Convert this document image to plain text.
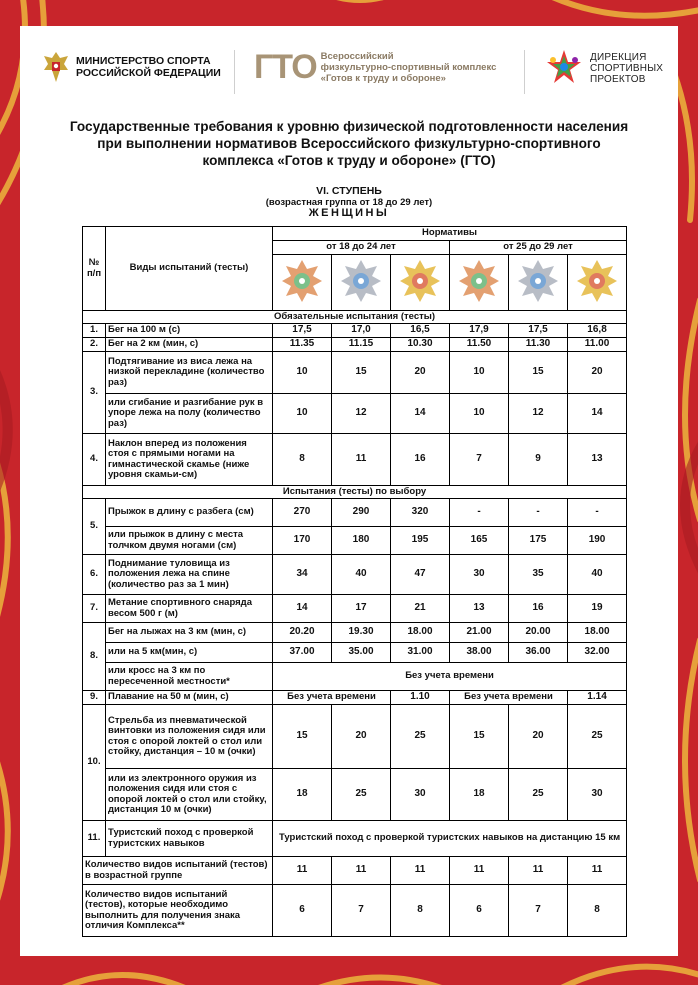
МИНИСТЕРСТВО СПОРТА
РОССИЙСКОЙ ФЕДЕРАЦИИ ГТО Всероссийский
физкультурно-спортивный комплекс
«Готов к труду и обороне»
ДИРЕКЦИЯ
СПОРТИВНЫХ
ПРОЕКТОВ
Государственные требования к уровню физической подготовленности населения
при выполнении нормативов Всероссийского физкультурно-спортивного
комплекса «Готов к труду и обороне» (ГТО)
VI. СТУПЕНЬ
(возрастная группа от 18 до 29 лет)
ЖЕНЩИНЫ
№ п/п	Виды испытаний (тесты)	Нормативы					
		от 18 до 24 лет			от 25 до 29 лет		

Обязательные испытания (тесты)							
1.	Бег на 100 м (с)	17,5	17,0	16,5	17,9	17,5	16,8
2.	Бег на 2 км (мин, с)	11.35	11.15	10.30	11.50	11.30	11.00
3.	Подтягивание из виса лежа на низкой перекладине (количество раз)	10	15	20	10	15	20
	или сгибание и разгибание рук в упоре лежа на полу (количество раз)	10	12	14	10	12	14
4.	Наклон вперед из положения стоя с прямыми ногами на гимнастической скамье (ниже уровня скамьи-см)	8	11	16	7	9	13
Испытания (тесты) по выбору							
5.	Прыжок в длину с разбега (см)	270	290	320	-	-	-
	или прыжок в длину с места толчком двумя ногами (см)	170	180	195	165	175	190
6.	Поднимание туловища из положения лежа на спине (количество раз за 1 мин)	34	40	47	30	35	40
7.	Метание спортивного снаряда весом 500 г (м)	14	17	21	13	16	19
8.	Бег на лыжах на 3 км (мин, с)	20.20	19.30	18.00	21.00	20.00	18.00
	или на 5 км(мин, с)	37.00	35.00	31.00	38.00	36.00	32.00
	или кросс на 3 км по пересеченной местности*	Без учета времени					
9.	Плавание на 50 м (мин, с)	Без учета времени		1.10	Без учета времени		1.14
10.	Стрельба из пневматической винтовки из положения сидя или стоя с опорой локтей о стол или стойку, дистанция – 10 м (очки)	15	20	25	15	20	25
	или из электронного оружия из положения сидя или стоя с опорой локтей о стол или стойку, дистанция 10 м (очки)	18	25	30	18	25	30
11.	Туристский поход с проверкой туристских навыков	Туристский поход с проверкой туристских навыков на дистанцию 15 км					
Количество видов испытаний (тестов) в возрастной группе		11	11	11	11	11	11
Количество видов испытаний (тестов), которые необходимо выполнить для получения знака отличия Комплекса**		6	7	8	6	7	8
